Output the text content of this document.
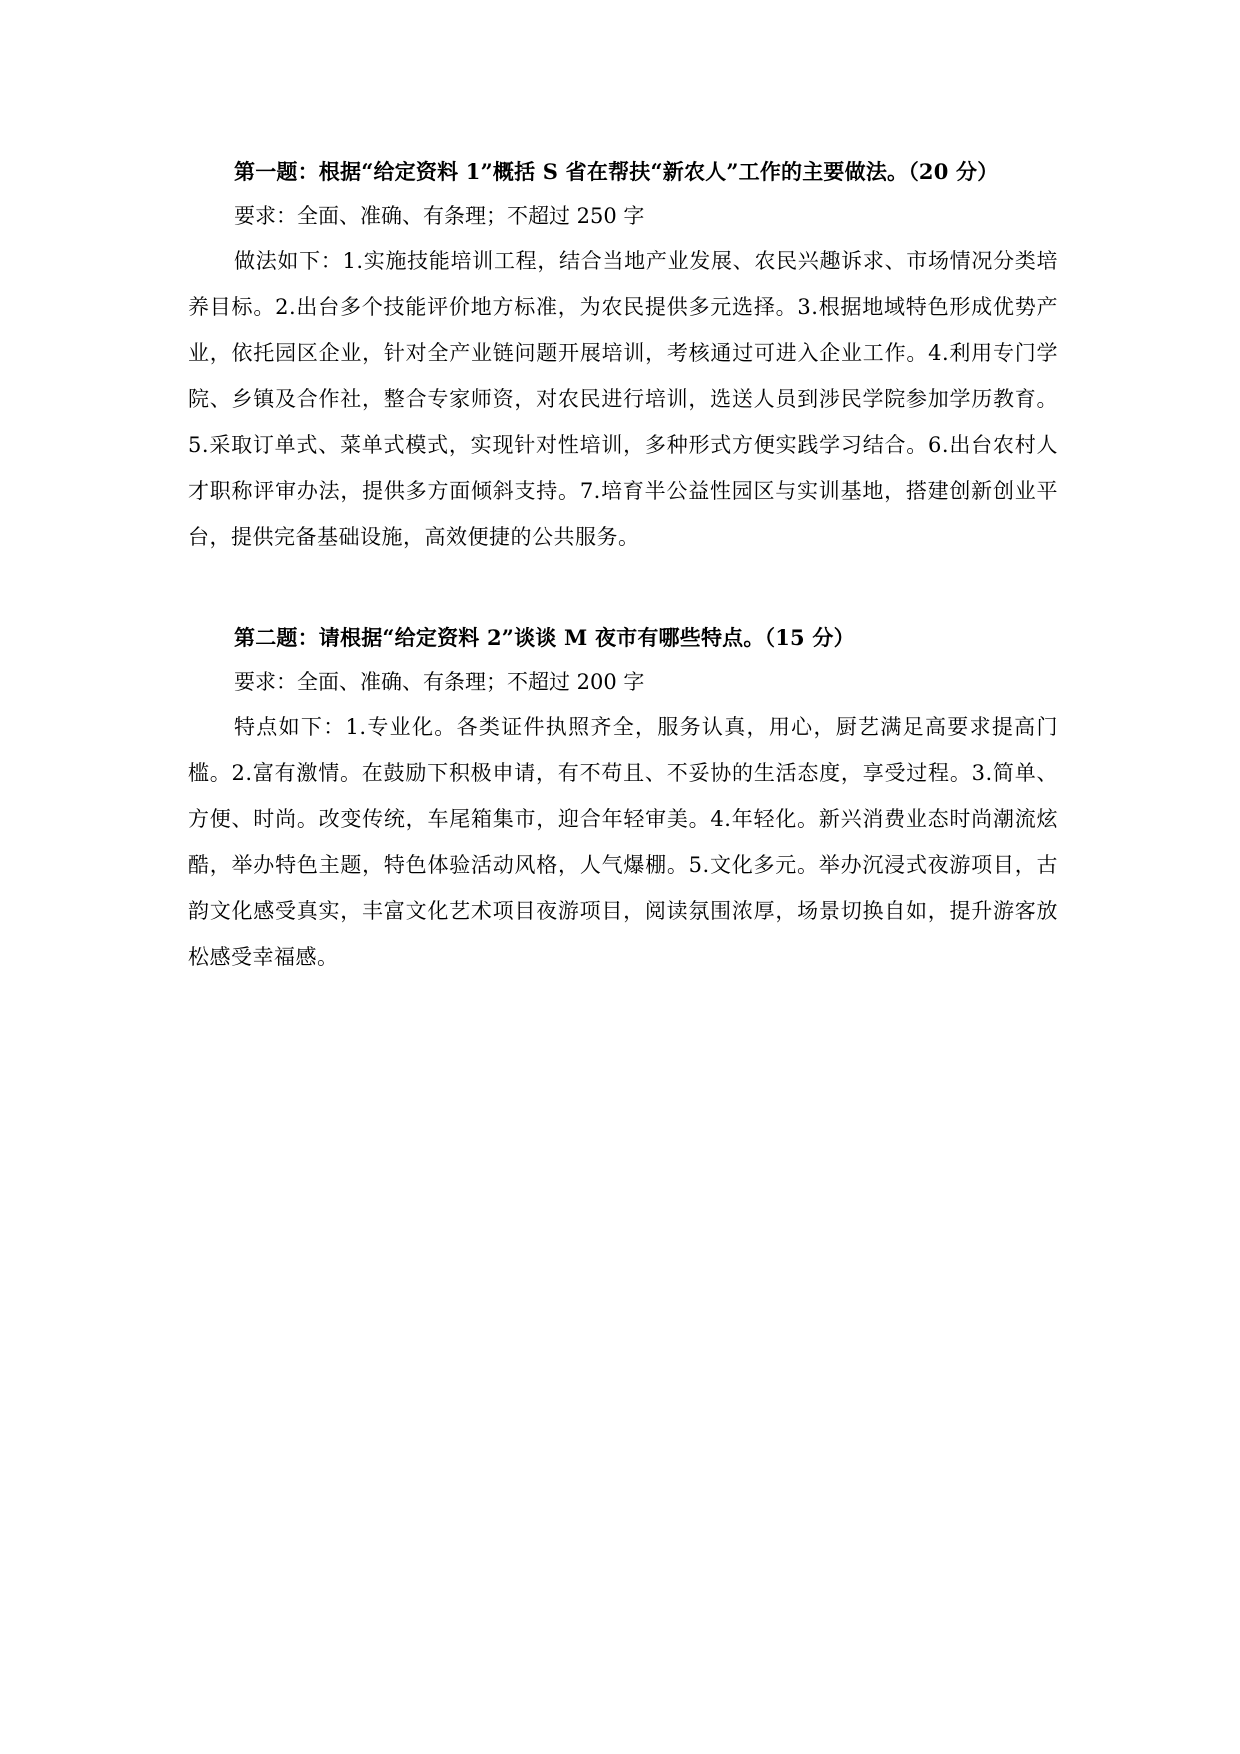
第一题：根据“给定资料 1”概括 S 省在帮扶“新农人”工作的主要做法。（20 分）

要求：全面、准确、有条理；不超过 250 字

做法如下：1.实施技能培训工程，结合当地产业发展、农民兴趣诉求、市场情况分类培养目标。2.出台多个技能评价地方标准，为农民提供多元选择。3.根据地域特色形成优势产业，依托园区企业，针对全产业链问题开展培训，考核通过可进入企业工作。4.利用专门学院、乡镇及合作社，整合专家师资，对农民进行培训，选送人员到涉民学院参加学历教育。5.采取订单式、菜单式模式，实现针对性培训，多种形式方便实践学习结合。6.出台农村人才职称评审办法，提供多方面倾斜支持。7.培育半公益性园区与实训基地，搭建创新创业平台，提供完备基础设施，高效便捷的公共服务。

第二题：请根据“给定资料 2”谈谈 M 夜市有哪些特点。（15 分）

要求：全面、准确、有条理；不超过 200 字

特点如下：1.专业化。各类证件执照齐全，服务认真，用心，厨艺满足高要求提高门槛。2.富有激情。在鼓励下积极申请，有不苟且、不妥协的生活态度，享受过程。3.简单、方便、时尚。改变传统，车尾箱集市，迎合年轻审美。4.年轻化。新兴消费业态时尚潮流炫酷，举办特色主题，特色体验活动风格，人气爆棚。5.文化多元。举办沉浸式夜游项目，古韵文化感受真实，丰富文化艺术项目夜游项目，阅读氛围浓厚，场景切换自如，提升游客放松感受幸福感。
